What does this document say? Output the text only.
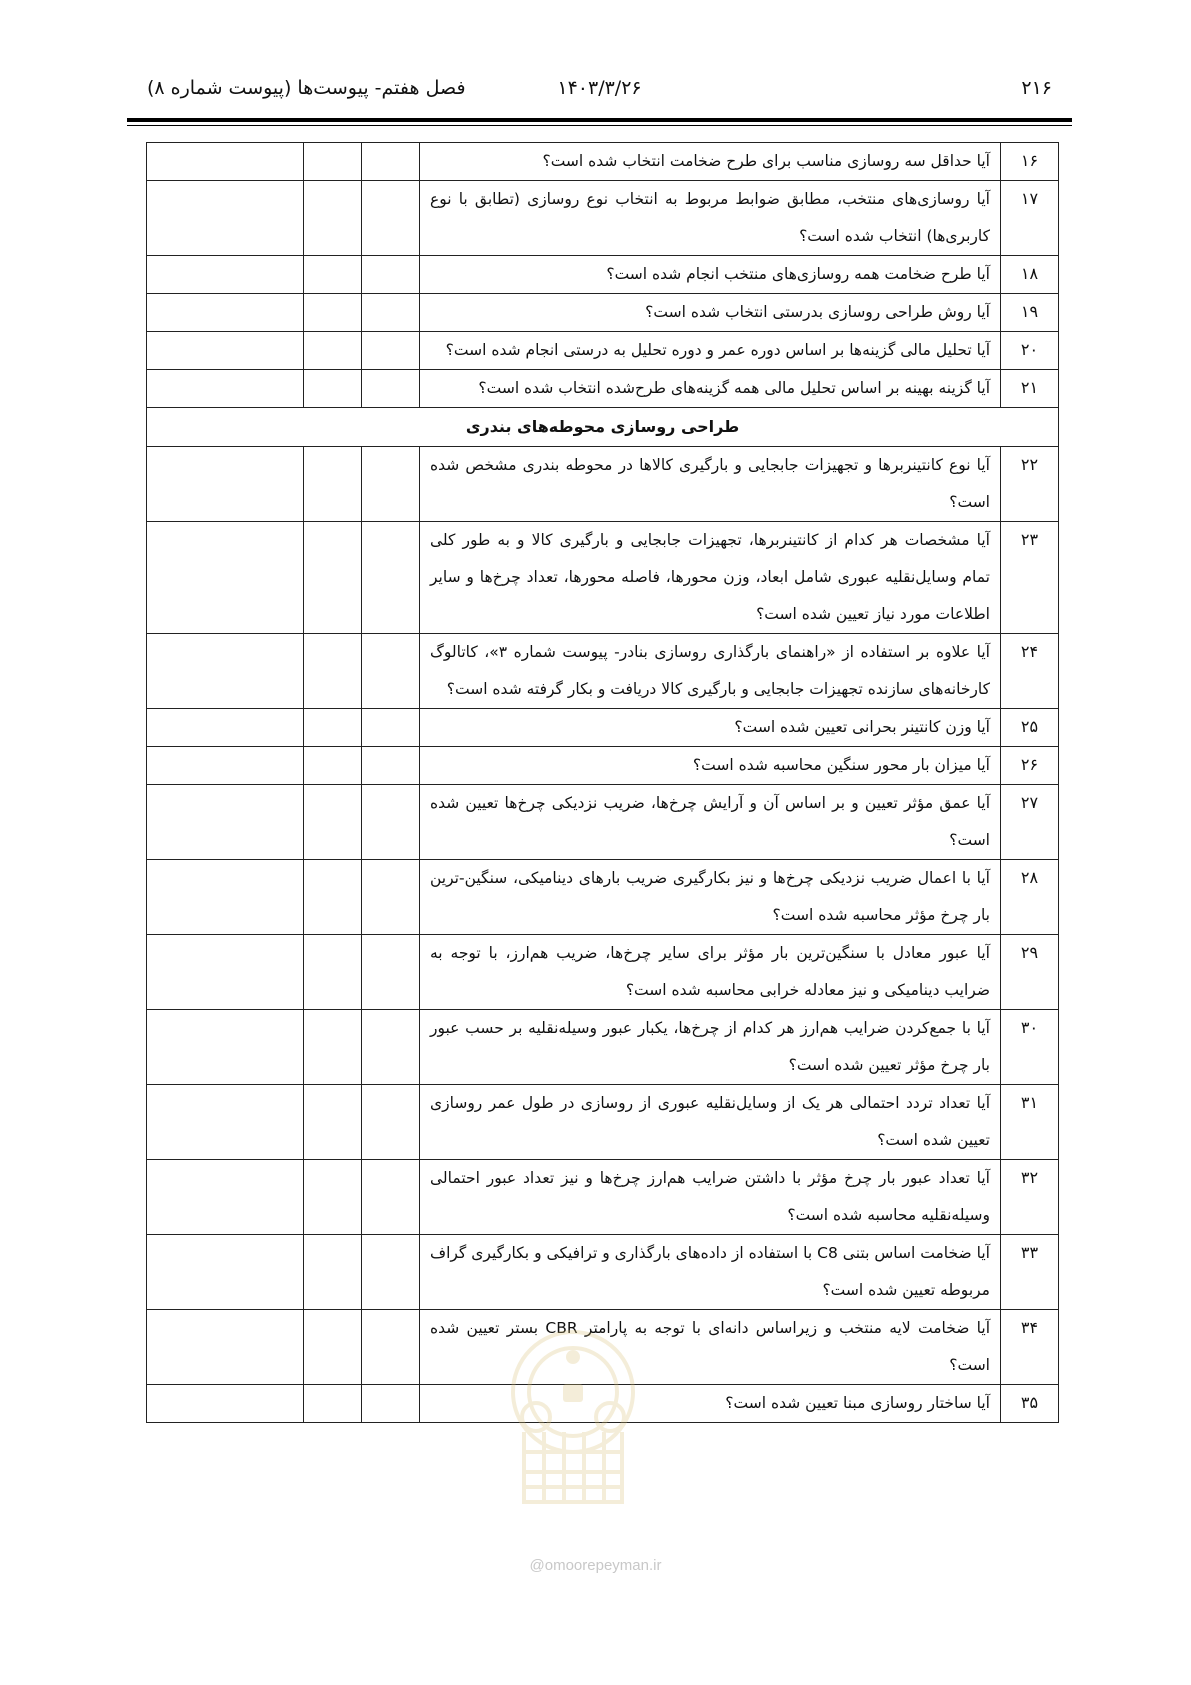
۲۱۶
۱۴۰۳/۳/۲۶
فصل هفتم- پیوست‌ها (پیوست شماره ۸)
۱۶	آیا حداقل سه روسازی مناسب برای طرح ضخامت انتخاب شده است؟			
۱۷	آیا روسازی‌های منتخب، مطابق ضوابط مربوط به انتخاب نوع روسازی (تطابق با نوع کاربری‌ها) انتخاب شده است؟			
۱۸	آیا طرح ضخامت همه روسازی‌های منتخب انجام شده است؟			
۱۹	آیا روش طراحی روسازی بدرستی انتخاب شده است؟			
۲۰	آیا تحلیل مالی گزینه‌ها بر اساس دوره عمر و دوره تحلیل به درستی انجام شده است؟			
۲۱	آیا گزینه بهینه بر اساس تحلیل مالی همه گزینه‌های طرح‌شده انتخاب شده است؟			
طراحی روسازی محوطه‌های بندری				
۲۲	آیا نوع کانتینربرها و تجهیزات جابجایی و بارگیری کالاها در محوطه بندری مشخص شده است؟			
۲۳	آیا مشخصات هر کدام از کانتینربرها، تجهیزات جابجایی و بارگیری کالا و به طور کلی تمام وسایل‌نقلیه عبوری شامل ابعاد، وزن محورها، فاصله محورها، تعداد چرخ‌ها و سایر اطلاعات مورد نیاز تعیین شده است؟			
۲۴	آیا علاوه بر استفاده از «راهنمای بارگذاری روسازی بنادر- پیوست شماره ۳»، کاتالوگ کارخانه‌های سازنده تجهیزات جابجایی و بارگیری کالا دریافت و بکار گرفته شده است؟			
۲۵	آیا وزن کانتینر بحرانی تعیین شده است؟			
۲۶	آیا میزان بار محور سنگین محاسبه شده است؟			
۲۷	آیا عمق مؤثر تعیین و بر اساس آن و آرایش چرخ‌ها، ضریب نزدیکی چرخ‌ها تعیین شده است؟			
۲۸	آیا با اعمال ضریب نزدیکی چرخ‌ها و نیز بکارگیری ضریب بارهای دینامیکی، سنگین-ترین بار چرخ مؤثر محاسبه شده است؟			
۲۹	آیا عبور معادل با سنگین‌ترین بار مؤثر برای سایر چرخ‌ها، ضریب هم‌ارز، با توجه به ضرایب دینامیکی و نیز معادله خرابی محاسبه شده است؟			
۳۰	آیا با جمع‌کردن ضرایب هم‌ارز هر کدام از چرخ‌ها، یکبار عبور وسیله‌نقلیه بر حسب عبور بار چرخ مؤثر تعیین شده است؟			
۳۱	آیا تعداد تردد احتمالی هر یک از وسایل‌نقلیه عبوری از روسازی در طول عمر روسازی تعیین شده است؟			
۳۲	آیا تعداد عبور بار چرخ مؤثر با داشتن ضرایب هم‌ارز چرخ‌ها و نیز تعداد عبور احتمالی وسیله‌نقلیه محاسبه شده است؟			
۳۳	آیا ضخامت اساس بتنی C8 با استفاده از داده‌های بارگذاری و ترافیکی و بکارگیری گراف مربوطه تعیین شده است؟			
۳۴	آیا ضخامت لایه منتخب و زیراساس دانه‌ای با توجه به پارامتر CBR بستر تعیین شده است؟			
۳۵	آیا ساختار روسازی مبنا تعیین شده است؟			
@omoorepeyman.ir
